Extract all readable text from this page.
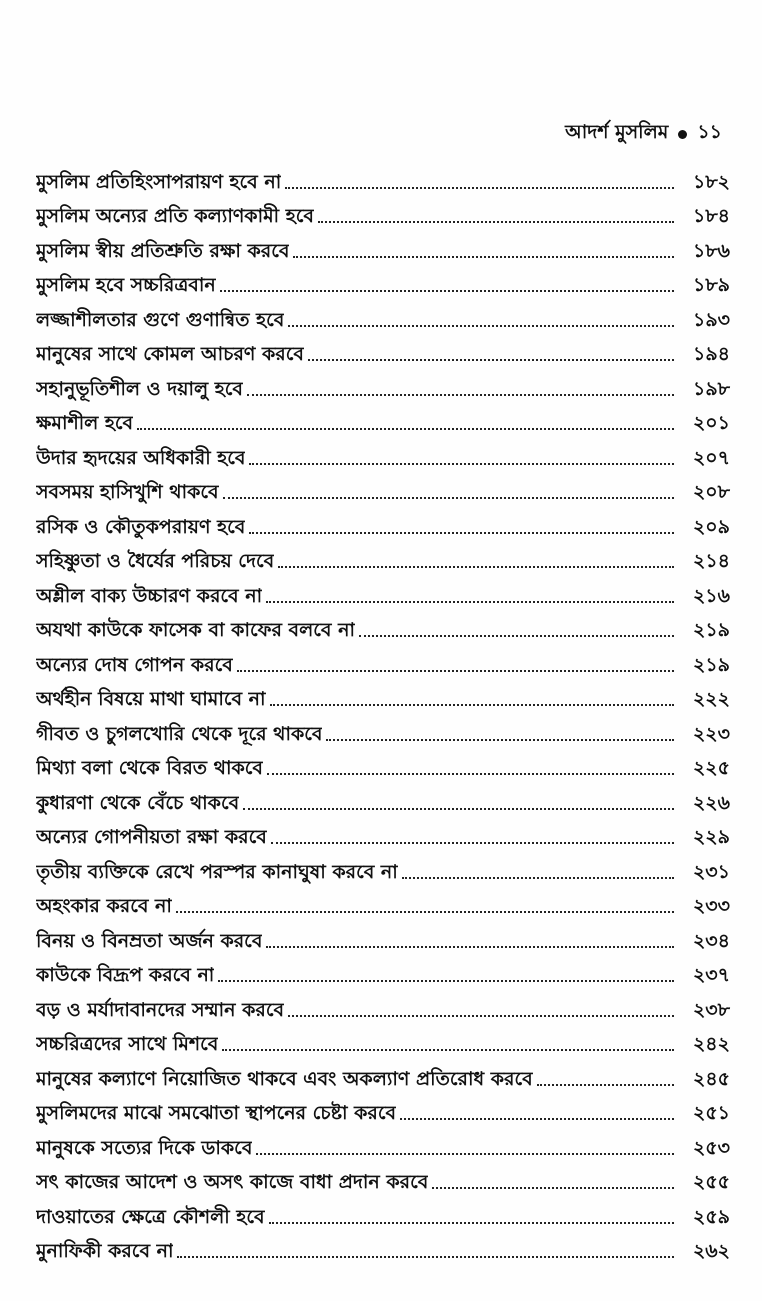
আদর্শ মুসলিম ১১
মুসলিম প্রতিহিংসাপরায়ণ হবে না	১৮২
মুসলিম অন্যের প্রতি কল্যাণকামী হবে	১৮৪
মুসলিম স্বীয় প্রতিশ্রুতি রক্ষা করবে	১৮৬
মুসলিম হবে সচ্চরিত্রবান	১৮৯
লজ্জাশীলতার গুণে গুণান্বিত হবে	১৯৩
মানুষের সাথে কোমল আচরণ করবে	১৯৪
সহানুভূতিশীল ও দয়ালু হবে	১৯৮
ক্ষমাশীল হবে	২০১
উদার হৃদয়ের অধিকারী হবে	২০৭
সবসময় হাসিখুশি থাকবে	২০৮
রসিক ও কৌতুকপরায়ণ হবে	২০৯
সহিষ্ণুতা ও ধৈর্যের পরিচয় দেবে	২১৪
অশ্লীল বাক্য উচ্চারণ করবে না	২১৬
অযথা কাউকে ফাসেক বা কাফের বলবে না	২১৯
অন্যের দোষ গোপন করবে	২১৯
অর্থহীন বিষয়ে মাথা ঘামাবে না	২২২
গীবত ও চুগলখোরি থেকে দূরে থাকবে	২২৩
মিথ্যা বলা থেকে বিরত থাকবে	২২৫
কুধারণা থেকে বেঁচে থাকবে	২২৬
অন্যের গোপনীয়তা রক্ষা করবে	২২৯
তৃতীয় ব্যক্তিকে রেখে পরস্পর কানাঘুষা করবে না	২৩১
অহংকার করবে না	২৩৩
বিনয় ও বিনম্রতা অর্জন করবে	২৩৪
কাউকে বিদ্রূপ করবে না	২৩৭
বড় ও মর্যাদাবানদের সম্মান করবে	২৩৮
সচ্চরিত্রদের সাথে মিশবে	২৪২
মানুষের কল্যাণে নিয়োজিত থাকবে এবং অকল্যাণ প্রতিরোধ করবে	২৪৫
মুসলিমদের মাঝে সমঝোতা স্থাপনের চেষ্টা করবে	২৫১
মানুষকে সত্যের দিকে ডাকবে	২৫৩
সৎ কাজের আদেশ ও অসৎ কাজে বাধা প্রদান করবে	২৫৫
দাওয়াতের ক্ষেত্রে কৌশলী হবে	২৫৯
মুনাফিকী করবে না	২৬২
